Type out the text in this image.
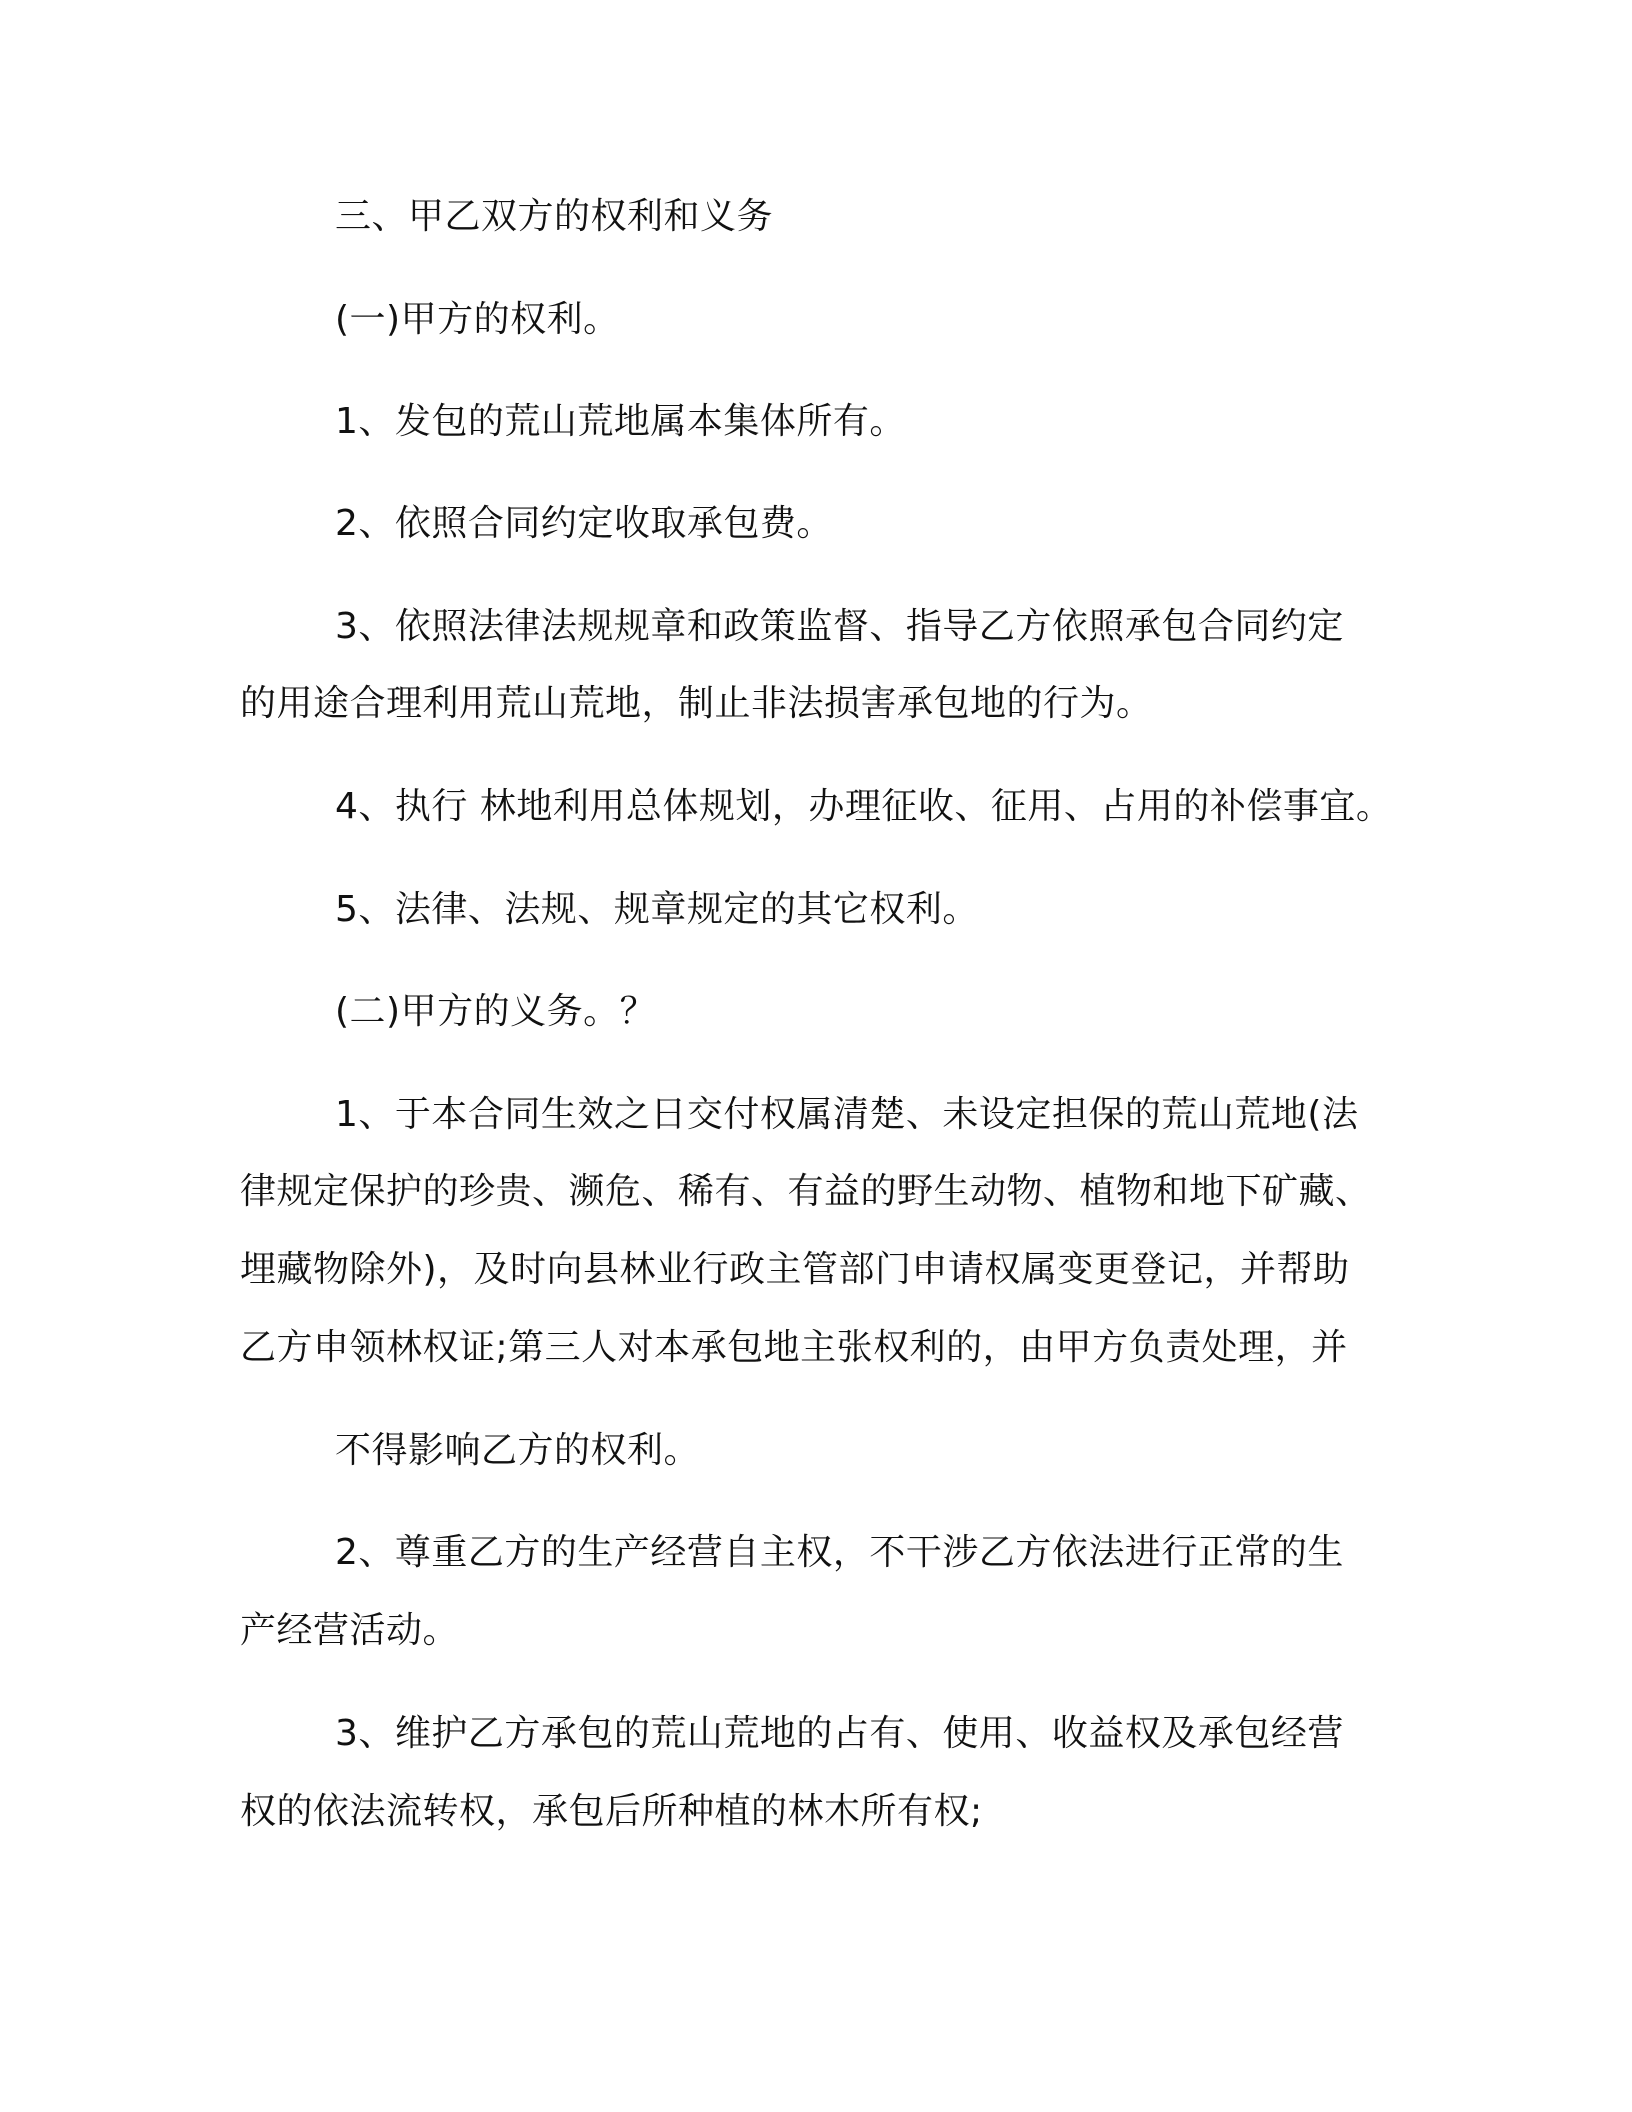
三、甲乙双方的权利和义务

(一)甲方的权利。

1、发包的荒山荒地属本集体所有。

2、依照合同约定收取承包费。

3、依照法律法规规章和政策监督、指导乙方依照承包合同约定

的用途合理利用荒山荒地，制止非法损害承包地的行为。

4、执行 林地利用总体规划，办理征收、征用、占用的补偿事宜。

5、法律、法规、规章规定的其它权利。

(二)甲方的义务。？

1、于本合同生效之日交付权属清楚、未设定担保的荒山荒地(法

律规定保护的珍贵、濒危、稀有、有益的野生动物、植物和地下矿藏、

埋藏物除外)，及时向县林业行政主管部门申请权属变更登记，并帮助

乙方申领林权证;第三人对本承包地主张权利的，由甲方负责处理，并

不得影响乙方的权利。

2、尊重乙方的生产经营自主权，不干涉乙方依法进行正常的生

产经营活动。

3、维护乙方承包的荒山荒地的占有、使用、收益权及承包经营

权的依法流转权，承包后所种植的林木所有权;
